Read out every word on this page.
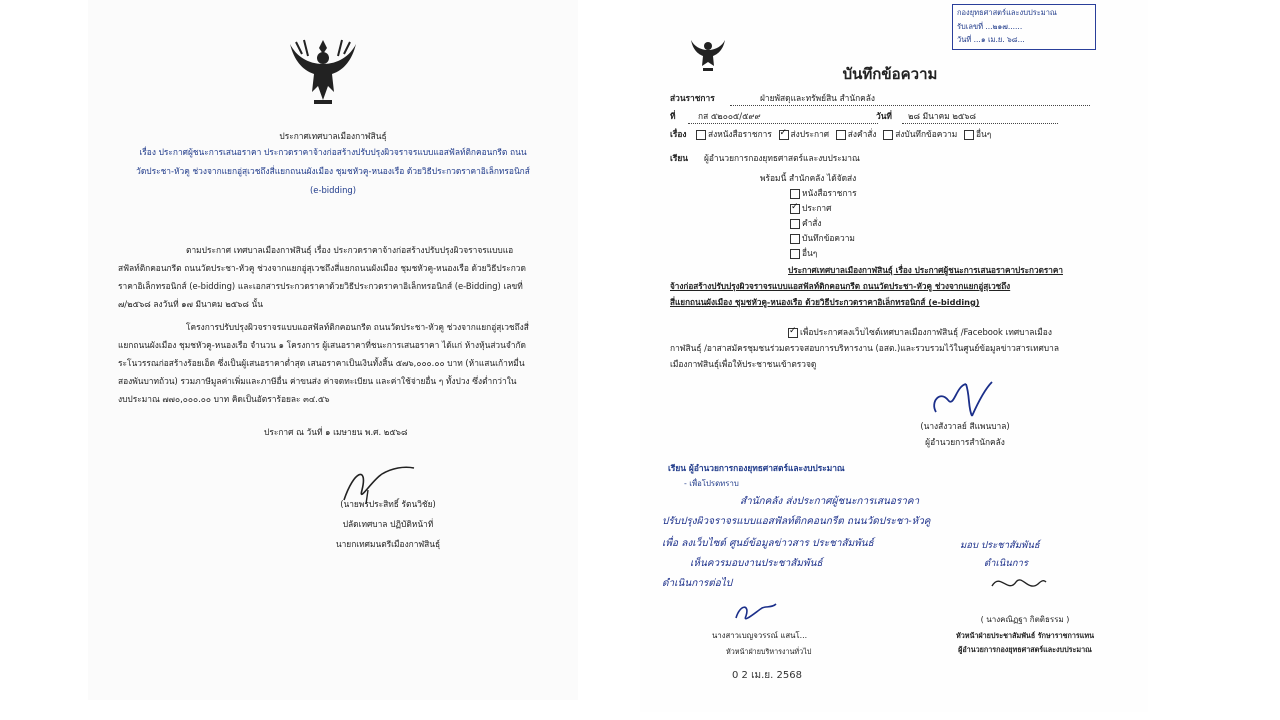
ประกาศเทศบาลเมืองกาฬสินธุ์
เรื่อง ประกาศผู้ชนะการเสนอราคา ประกวดราคาจ้างก่อสร้างปรับปรุงผิวจราจรแบบแอสฟัลท์ติกคอนกรีต ถนน
วัดประชา-หัวคู ช่วงจากแยกอู่สุเวชถึงสี่แยกถนนผังเมือง ชุมชหัวคู-หนองเรือ ด้วยวิธีประกวดราคาอิเล็กทรอนิกส์
(e-bidding)
ตามประกาศ เทศบาลเมืองกาฬสินธุ์ เรื่อง ประกวดราคาจ้างก่อสร้างปรับปรุงผิวจราจรแบบแอ
สฟัลท์ติกคอนกรีต ถนนวัดประชา-หัวคู ช่วงจากแยกอู่สุเวชถึงสี่แยกถนนผังเมือง ชุมชหัวคู-หนองเรือ ด้วยวิธีประกวด
ราคาอิเล็กทรอนิกส์ (e-bidding) และเอกสารประกวดราคาด้วยวิธีประกวดราคาอิเล็กทรอนิกส์ (e-Bidding) เลขที่
๗/๒๕๖๘ ลงวันที่ ๑๗ มีนาคม ๒๕๖๘ นั้น
โครงการปรับปรุงผิวจราจรแบบแอสฟัลท์ติกคอนกรีต ถนนวัดประชา-หัวคู ช่วงจากแยกอู่สุเวชถึงสี่
แยกถนนผังเมือง ชุมชหัวคู-หนองเรือ จำนวน ๑ โครงการ ผู้เสนอราคาที่ชนะการเสนอราคา ได้แก่ ห้างหุ้นส่วนจำกัด
ระโนวรรณก่อสร้างร้อยเอ็ด ซึ่งเป็นผู้เสนอราคาต่ำสุด เสนอราคาเป็นเงินทั้งสิ้น ๕๗๖,๐๐๐.๐๐ บาท (ห้าแสนเก้าหมื่น
สองพันบาทถ้วน) รวมภาษีมูลค่าเพิ่มและภาษีอื่น ค่าขนส่ง ค่าจดทะเบียน และค่าใช้จ่ายอื่น ๆ ทั้งปวง ซึ่งต่ำกว่าใน
งบประมาณ ๗๗๐,๐๐๐.๐๐ บาท คิดเป็นอัตราร้อยละ ๓๔.๕๖
ประกาศ ณ วันที่ ๑ เมษายน พ.ศ. ๒๕๖๘
(นายพรประสิทธิ์ รัตนวิชัย)
ปลัดเทศบาล ปฏิบัติหน้าที่
นายกเทศมนตรีเมืองกาฬสินธุ์
กองยุทธศาสตร์และงบประมาณ
รับเลขที่ ...๒๑๗......
วันที่ ...๑ เม.ย. ๖๘...
บันทึกข้อความ
ส่วนราชการ	ฝ่ายพัสดุและทรัพย์สิน สำนักคลัง
ที่	กส ๕๒๐๐๕/๕๙๙	วันที่	๒๘ มีนาคม ๒๕๖๘
เรื่อง	ส่งหนังสือราชการ ✓ ส่งประกาศ ส่งคำสั่ง ส่งบันทึกข้อความ อื่นๆ
เรียน ผู้อำนวยการกองยุทธศาสตร์และงบประมาณ
พร้อมนี้ สำนักคลัง ได้จัดส่ง
หนังสือราชการ
✓ประกาศ
คำสั่ง
บันทึกข้อความ
อื่นๆ
ประกาศเทศบาลเมืองกาฬสินธุ์ เรื่อง ประกาศผู้ชนะการเสนอราคาประกวดราคา
จ้างก่อสร้างปรับปรุงผิวจราจรแบบแอสฟัลท์ติกคอนกรีต ถนนวัดประชา-หัวคู ช่วงจากแยกอู่สุเวชถึง
สี่แยกถนนผังเมือง ชุมชหัวคู-หนองเรือ ด้วยวิธีประกวดราคาอิเล็กทรอนิกส์ (e-bidding)
✓เพื่อประกาศลงเว็บไซต์เทศบาลเมืองกาฬสินธุ์ /Facebook เทศบาลเมือง
กาฬสินธุ์ /อาสาสมัครชุมชนร่วมตรวจสอบการบริหารงาน (อสต.)และรวบรวมไว้ในศูนย์ข้อมูลข่าวสารเทศบาล
เมืองกาฬสินธุ์เพื่อให้ประชาชนเข้าตรวจดู
(นางสังวาลย์ สีแพนบาล)
ผู้อำนวยการสำนักคลัง
เรียน ผู้อำนวยการกองยุทธศาสตร์และงบประมาณ
- เพื่อโปรดทราบ
สำนักคลัง ส่งประกาศผู้ชนะการเสนอราคา
ปรับปรุงผิวจราจรแบบแอสฟัลท์ติกคอนกรีต ถนนวัดประชา-หัวคู
เพื่อ ลงเว็บไซต์ ศูนย์ข้อมูลข่าวสาร ประชาสัมพันธ์
เห็นควรมอบงานประชาสัมพันธ์
ดำเนินการต่อไป
นางสาวเบญจวรรณ์ แสนโ...
หัวหน้าฝ่ายบริหารงานทั่วไป
0 2 เม.ย. 2568
มอบ ประชาสัมพันธ์
ดำเนินการ
( นางคณิฏฐา กิตติธรรม )
หัวหน้าฝ่ายประชาสัมพันธ์ รักษาราชการแทน
ผู้อำนวยการกองยุทธศาสตร์และงบประมาณ
